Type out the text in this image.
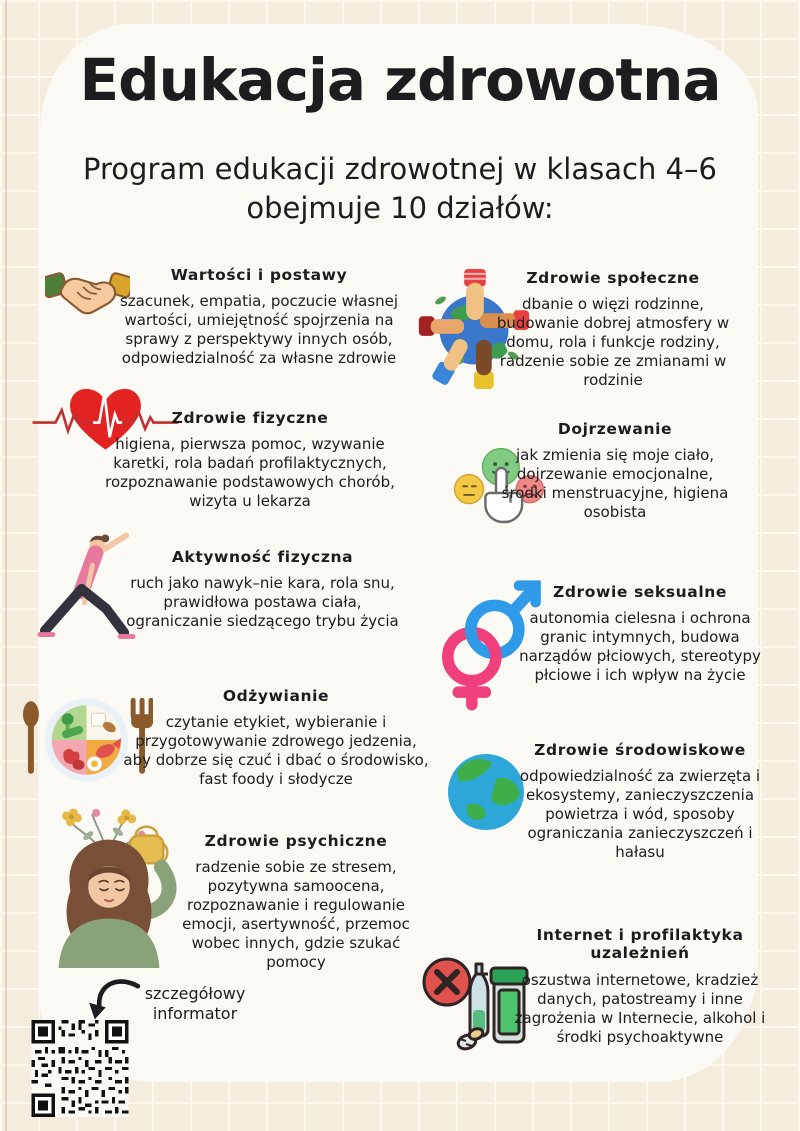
Edukacja zdrowotna

Program edukacji zdrowotnej w klasach 4–6
obejmuje 10 działów:

Wartości i postawy

szacunek, empatia, poczucie własnej wartości, umiejętność spojrzenia na sprawy z perspektywy innych osób, odpowiedzialność za własne zdrowie

Zdrowie społeczne

dbanie o więzi rodzinne, budowanie dobrej atmosfery w domu, rola i funkcje rodziny, radzenie sobie ze zmianami w rodzinie

Zdrowie fizyczne

higiena, pierwsza pomoc, wzywanie karetki, rola badań profilaktycznych, rozpoznawanie podstawowych chorób, wizyta u lekarza

Dojrzewanie

jak zmienia się moje ciało, dojrzewanie emocjonalne, środki menstruacyjne, higiena osobista

Aktywność fizyczna

ruch jako nawyk–nie kara, rola snu, prawidłowa postawa ciała, ograniczanie siedzącego trybu życia

Zdrowie seksualne

autonomia cielesna i ochrona granic intymnych, budowa narządów płciowych, stereotypy płciowe i ich wpływ na życie

Odżywianie

czytanie etykiet, wybieranie i przygotowywanie zdrowego jedzenia, aby dobrze się czuć i dbać o środowisko, fast foody i słodycze

Zdrowie środowiskowe

odpowiedzialność za zwierzęta i ekosystemy, zanieczyszczenia powietrza i wód, sposoby ograniczania zanieczyszczeń i hałasu

Zdrowie psychiczne

radzenie sobie ze stresem, pozytywna samoocena, rozpoznawanie i regulowanie emocji, asertywność, przemoc wobec innych, gdzie szukać pomocy

Internet i profilaktyka uzależnień

oszustwa internetowe, kradzież danych, patostreamy i inne zagrożenia w Internecie, alkohol i środki psychoaktywne

szczegółowy
informator
